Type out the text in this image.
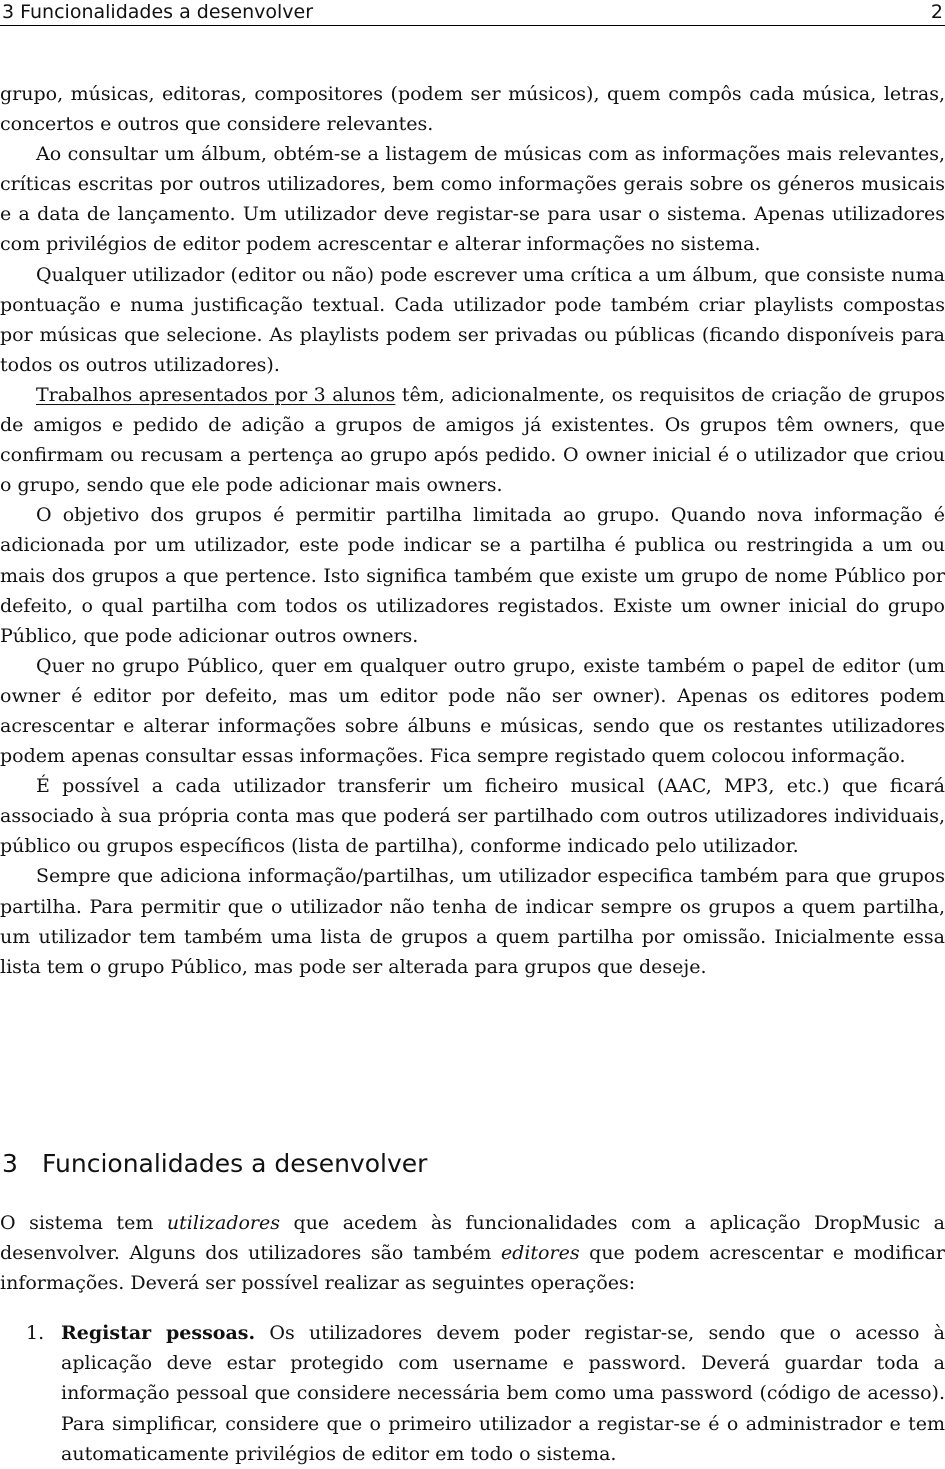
3 Funcionalidades a desenvolver	2

grupo, músicas, editoras, compositores (podem ser músicos), quem compôs cada música, letras, concertos e outros que considere relevantes.

Ao consultar um álbum, obtém-se a listagem de músicas com as informações mais relevantes, críticas escritas por outros utilizadores, bem como informações gerais sobre os géneros musicais e a data de lançamento. Um utilizador deve registar-se para usar o sistema. Apenas utilizadores com privilégios de editor podem acrescentar e alterar informações no sistema.

Qualquer utilizador (editor ou não) pode escrever uma crítica a um álbum, que consiste numa pontuação e numa justificação textual. Cada utilizador pode também criar playlists compostas por músicas que selecione. As playlists podem ser privadas ou públicas (ficando disponíveis para todos os outros utilizadores).

Trabalhos apresentados por 3 alunos têm, adicionalmente, os requisitos de criação de grupos de amigos e pedido de adição a grupos de amigos já existentes. Os grupos têm owners, que confirmam ou recusam a pertença ao grupo após pedido. O owner inicial é o utilizador que criou o grupo, sendo que ele pode adicionar mais owners.

O objetivo dos grupos é permitir partilha limitada ao grupo. Quando nova informação é adicionada por um utilizador, este pode indicar se a partilha é publica ou restringida a um ou mais dos grupos a que pertence. Isto significa também que existe um grupo de nome Público por defeito, o qual partilha com todos os utilizadores registados. Existe um owner inicial do grupo Público, que pode adicionar outros owners.

Quer no grupo Público, quer em qualquer outro grupo, existe também o papel de editor (um owner é editor por defeito, mas um editor pode não ser owner). Apenas os editores podem acrescentar e alterar informações sobre álbuns e músicas, sendo que os restantes utilizadores podem apenas consultar essas informações. Fica sempre registado quem colocou informação.

É possível a cada utilizador transferir um ficheiro musical (AAC, MP3, etc.) que ficará associado à sua própria conta mas que poderá ser partilhado com outros utilizadores individuais, público ou grupos específicos (lista de partilha), conforme indicado pelo utilizador.

Sempre que adiciona informação/partilhas, um utilizador especifica também para que grupos partilha. Para permitir que o utilizador não tenha de indicar sempre os grupos a quem partilha, um utilizador tem também uma lista de grupos a quem partilha por omissão. Inicialmente essa lista tem o grupo Público, mas pode ser alterada para grupos que deseje.

3 Funcionalidades a desenvolver

O sistema tem utilizadores que acedem às funcionalidades com a aplicação DropMusic a desenvolver. Alguns dos utilizadores são também editores que podem acrescentar e modificar informações. Deverá ser possível realizar as seguintes operações:

1. Registar pessoas. Os utilizadores devem poder registar-se, sendo que o acesso à aplicação deve estar protegido com username e password. Deverá guardar toda a informação pessoal que considere necessária bem como uma password (código de acesso). Para simplificar, considere que o primeiro utilizador a registar-se é o administrador e tem automaticamente privilégios de editor em todo o sistema.
